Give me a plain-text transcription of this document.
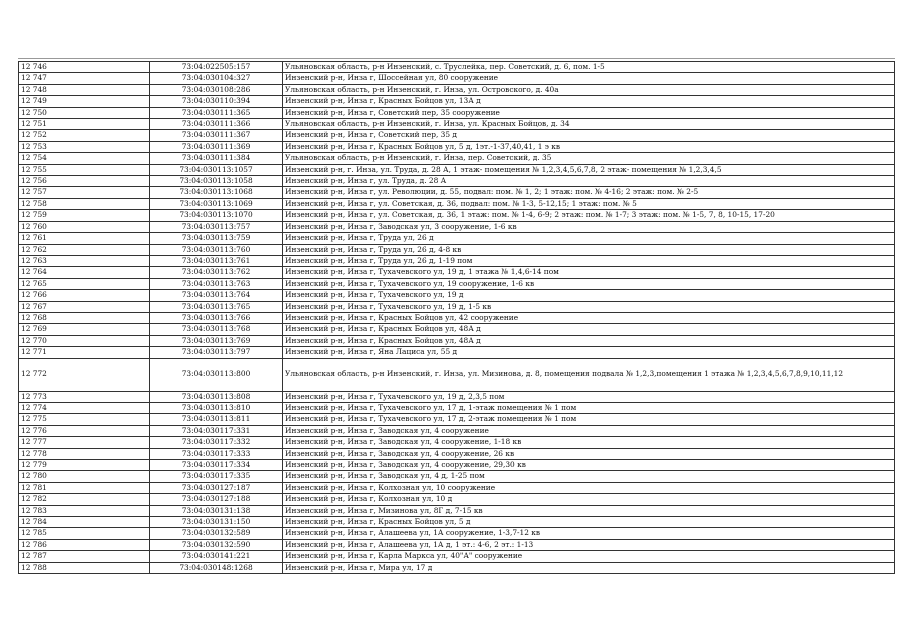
12 746	73:04:022505:157	Ульяновская область, р-н Инзенский, с. Труслейка, пер. Советский, д. 6, пом. 1-5
12 747	73:04:030104:327	Инзенский р-н, Инза г, Шоссейная ул, 80 сооружение
12 748	73:04:030108:286	Ульяновская область, р-н Инзенский, г. Инза, ул. Островского, д. 40а
12 749	73:04:030110:394	Инзенский р-н, Инза г, Красных Бойцов ул, 13А д
12 750	73:04:030111:365	Инзенский р-н, Инза г, Советский пер, 35 сооружение
12 751	73:04:030111:366	Ульяновская область, р-н Инзенский, г. Инза, ул. Красных Бойцов, д. 34
12 752	73:04:030111:367	Инзенский р-н, Инза г, Советский пер, 35 д
12 753	73:04:030111:369	Инзенский р-н, Инза г, Красных Бойцов ул, 5 д, 1эт.-1-37,40,41, 1 э кв
12 754	73:04:030111:384	Ульяновская область, р-н Инзенский, г. Инза, пер. Советский, д. 35
12 755	73:04:030113:1057	Инзенский р-н, г. Инза, ул. Труда, д. 28 А, 1 этаж- помещения № 1,2,3,4,5,6,7,8, 2 этаж- помещения № 1,2,3,4,5
12 756	73:04:030113:1058	Инзенский р-н, Инза г, ул. Труда, д. 28 А
12 757	73:04:030113:1068	Инзенский р-н, Инза г, ул. Революции, д. 55, подвал: пом. № 1, 2; 1 этаж: пом. № 4-16; 2 этаж: пом. № 2-5
12 758	73:04:030113:1069	Инзенский р-н, Инза г, ул. Советская, д. 36, подвал: пом. № 1-3, 5-12,15; 1 этаж: пом. № 5
12 759	73:04:030113:1070	Инзенский р-н, Инза г, ул. Советская, д. 36, 1 этаж: пом. № 1-4, 6-9; 2 этаж: пом. № 1-7; 3 этаж: пом. № 1-5, 7, 8, 10-15, 17-20
12 760	73:04:030113:757	Инзенский р-н, Инза г, Заводская ул, 3 сооружение, 1-6 кв
12 761	73:04:030113:759	Инзенский р-н, Инза г, Труда ул, 26 д
12 762	73:04:030113:760	Инзенский р-н, Инза г, Труда ул, 26 д, 4-8 кв
12 763	73:04:030113:761	Инзенский р-н, Инза г, Труда ул, 26 д, 1-19 пом
12 764	73:04:030113:762	Инзенский р-н, Инза г, Тухачевского ул, 19 д, 1 этажа № 1,4,6-14 пом
12 765	73:04:030113:763	Инзенский р-н, Инза г, Тухачевского ул, 19 сооружение, 1-6 кв
12 766	73:04:030113:764	Инзенский р-н, Инза г, Тухачевского ул, 19 д
12 767	73:04:030113:765	Инзенский р-н, Инза г, Тухачевского ул, 19 д, 1-5 кв
12 768	73:04:030113:766	Инзенский р-н, Инза г, Красных Бойцов ул, 42 сооружение
12 769	73:04:030113:768	Инзенский р-н, Инза г, Красных Бойцов ул, 48А д
12 770	73:04:030113:769	Инзенский р-н, Инза г, Красных Бойцов ул, 48А д
12 771	73:04:030113:797	Инзенский р-н, Инза г, Яна Лациса ул, 55 д
12 772	73:04:030113:800	Ульяновская область, р-н Инзенский, г. Инза, ул. Мизинова, д. 8, помещения подвала № 1,2,3,помещения 1 этажа № 1,2,3,4,5,6,7,8,9,10,11,12
12 773	73:04:030113:808	Инзенский р-н, Инза г, Тухачевского ул, 19 д, 2,3,5 пом
12 774	73:04:030113:810	Инзенский р-н, Инза г, Тухачевского ул, 17 д, 1-этаж помещения № 1 пом
12 775	73:04:030113:811	Инзенский р-н, Инза г, Тухачевского ул, 17 д, 2-этаж помещения № 1 пом
12 776	73:04:030117:331	Инзенский р-н, Инза г, Заводская ул, 4 сооружение
12 777	73:04:030117:332	Инзенский р-н, Инза г, Заводская ул, 4 сооружение, 1-18 кв
12 778	73:04:030117:333	Инзенский р-н, Инза г, Заводская ул, 4 сооружение, 26 кв
12 779	73:04:030117:334	Инзенский р-н, Инза г, Заводская ул, 4 сооружение, 29,30 кв
12 780	73:04:030117:335	Инзенский р-н, Инза г, Заводская ул, 4 д, 1-25 пом
12 781	73:04:030127:187	Инзенский р-н, Инза г, Колхозная ул, 10 сооружение
12 782	73:04:030127:188	Инзенский р-н, Инза г, Колхозная ул, 10 д
12 783	73:04:030131:138	Инзенский р-н, Инза г, Мизинова ул, 8Г д, 7-15 кв
12 784	73:04:030131:150	Инзенский р-н, Инза г, Красных Бойцов ул, 5 д
12 785	73:04:030132:589	Инзенский р-н, Инза г, Алашеева ул, 1А сооружение, 1-3,7-12 кв
12 786	73:04:030132:590	Инзенский р-н, Инза г, Алашеева ул, 1А д, 1 эт.: 4-6, 2 эт.: 1-13
12 787	73:04:030141:221	Инзенский р-н, Инза г, Карла Маркса ул, 40"А" сооружение
12 788	73:04:030148:1268	Инзенский р-н, Инза г, Мира ул, 17 д
